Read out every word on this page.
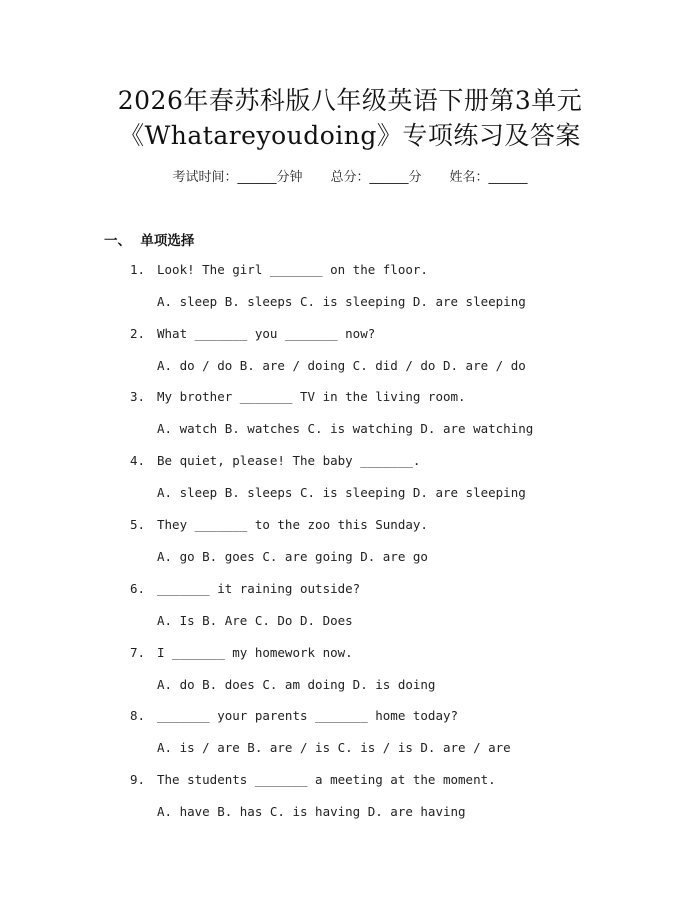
2026年春苏科版八年级英语下册第3单元
《Whatareyoudoing》专项练习及答案
考试时间：______分钟 总分：______分 姓名：______
一、  单项选择
1. Look! The girl _______ on the floor.
A. sleep B. sleeps C. is sleeping D. are sleeping
2. What _______ you _______ now?
A. do / do B. are / doing C. did / do D. are / do
3. My brother _______ TV in the living room.
A. watch B. watches C. is watching D. are watching
4. Be quiet, please! The baby _______.
A. sleep B. sleeps C. is sleeping D. are sleeping
5. They _______ to the zoo this Sunday.
A. go B. goes C. are going D. are go
6. _______ it raining outside?
A. Is B. Are C. Do D. Does
7. I _______ my homework now.
A. do B. does C. am doing D. is doing
8. _______ your parents _______ home today?
A. is / are B. are / is C. is / is D. are / are
9. The students _______ a meeting at the moment.
A. have B. has C. is having D. are having
